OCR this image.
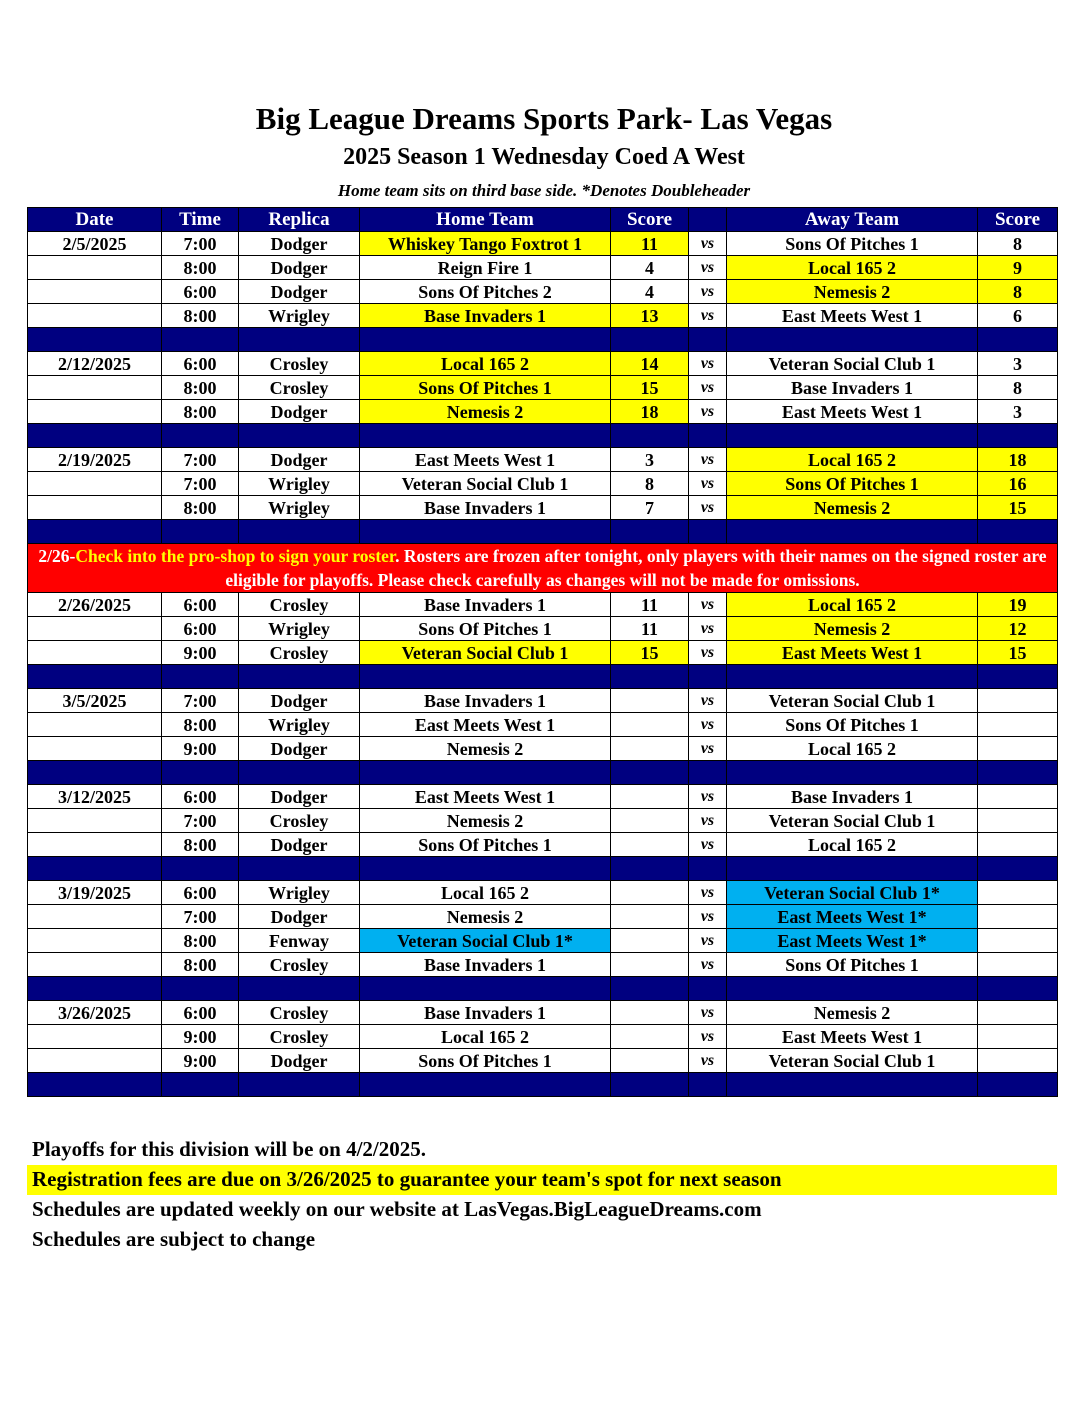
Big League Dreams Sports Park- Las Vegas
2025 Season 1 Wednesday Coed A West
Home team sits on third base side. *Denotes Doubleheader
Date	Time	Replica	Home Team	Score		Away Team	Score
2/5/2025	7:00	Dodger	Whiskey Tango Foxtrot 1	11	vs	Sons Of Pitches 1	8
	8:00	Dodger	Reign Fire 1	4	vs	Local 165 2	9
	6:00	Dodger	Sons Of Pitches 2	4	vs	Nemesis 2	8
	8:00	Wrigley	Base Invaders 1	13	vs	East Meets West 1	6

2/12/2025	6:00	Crosley	Local 165 2	14	vs	Veteran Social Club 1	3
	8:00	Crosley	Sons Of Pitches 1	15	vs	Base Invaders 1	8
	8:00	Dodger	Nemesis 2	18	vs	East Meets West 1	3

2/19/2025	7:00	Dodger	East Meets West 1	3	vs	Local 165 2	18
	7:00	Wrigley	Veteran Social Club 1	8	vs	Sons Of Pitches 1	16
	8:00	Wrigley	Base Invaders 1	7	vs	Nemesis 2	15

2/26-Check into the pro-shop to sign your roster. Rosters are frozen after tonight, only players with their names on the signed roster are eligible for playoffs. Please check carefully as changes will not be made for omissions.							
2/26/2025	6:00	Crosley	Base Invaders 1	11	vs	Local 165 2	19
	6:00	Wrigley	Sons Of Pitches 1	11	vs	Nemesis 2	12
	9:00	Crosley	Veteran Social Club 1	15	vs	East Meets West 1	15

3/5/2025	7:00	Dodger	Base Invaders 1		vs	Veteran Social Club 1	
	8:00	Wrigley	East Meets West 1		vs	Sons Of Pitches 1	
	9:00	Dodger	Nemesis 2		vs	Local 165 2	

3/12/2025	6:00	Dodger	East Meets West 1		vs	Base Invaders 1	
	7:00	Crosley	Nemesis 2		vs	Veteran Social Club 1	
	8:00	Dodger	Sons Of Pitches 1		vs	Local 165 2	

3/19/2025	6:00	Wrigley	Local 165 2		vs	Veteran Social Club 1*	
	7:00	Dodger	Nemesis 2		vs	East Meets West 1*	
	8:00	Fenway	Veteran Social Club 1*		vs	East Meets West 1*	
	8:00	Crosley	Base Invaders 1		vs	Sons Of Pitches 1	

3/26/2025	6:00	Crosley	Base Invaders 1		vs	Nemesis 2	
	9:00	Crosley	Local 165 2		vs	East Meets West 1	
	9:00	Dodger	Sons Of Pitches 1		vs	Veteran Social Club 1	

Playoffs for this division will be on 4/2/2025.
Registration fees are due on 3/26/2025 to guarantee your team's spot for next season
Schedules are updated weekly on our website at LasVegas.BigLeagueDreams.com
Schedules are subject to change
